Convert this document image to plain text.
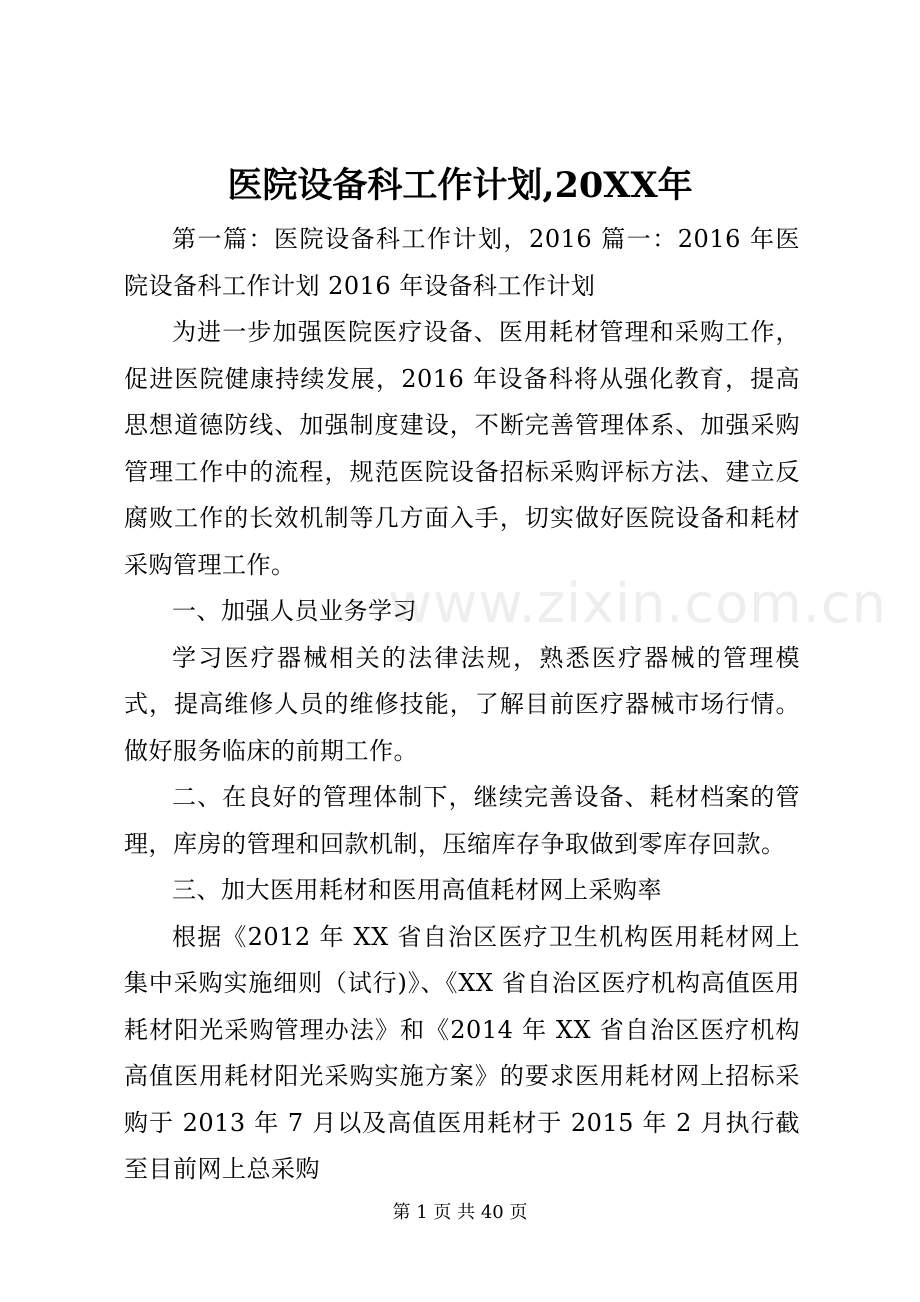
医院设备科工作计划,20XX年

第一篇：医院设备科工作计划，2016 篇一：2016 年医院设备科工作计划 2016 年设备科工作计划

为进一步加强医院医疗设备、医用耗材管理和采购工作，促进医院健康持续发展，2016 年设备科将从强化教育，提高思想道德防线、加强制度建设，不断完善管理体系、加强采购管理工作中的流程，规范医院设备招标采购评标方法、建立反腐败工作的长效机制等几方面入手，切实做好医院设备和耗材采购管理工作。

一、加强人员业务学习

学习医疗器械相关的法律法规，熟悉医疗器械的管理模式，提高维修人员的维修技能，了解目前医疗器械市场行情。做好服务临床的前期工作。

二、在良好的管理体制下，继续完善设备、耗材档案的管理，库房的管理和回款机制，压缩库存争取做到零库存回款。

三、加大医用耗材和医用高值耗材网上采购率

根据《2012 年 XX 省自治区医疗卫生机构医用耗材网上集中采购实施细则（试行)》、《XX 省自治区医疗机构高值医用耗材阳光采购管理办法》和《2014 年 XX 省自治区医疗机构高值医用耗材阳光采购实施方案》的要求医用耗材网上招标采购于 2013 年 7 月以及高值医用耗材于 2015 年 2 月执行截至目前网上总采购

www.zixin.com.cn
第 1 页 共 40 页
